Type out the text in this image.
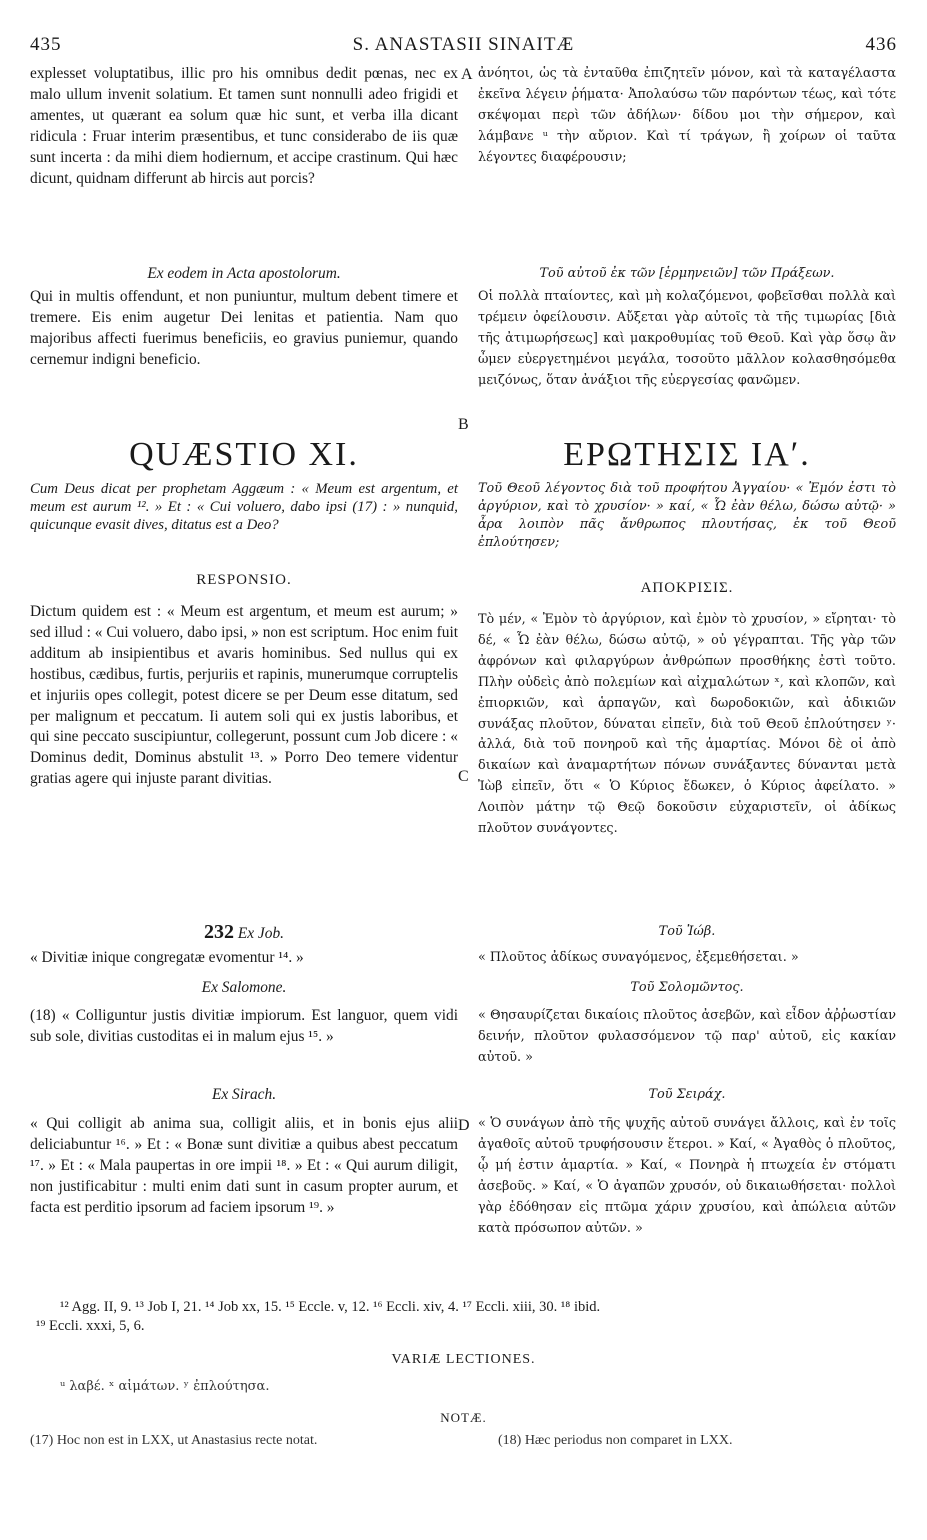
435	S. ANASTASII SINAITÆ	436
A
B
C
D

explesset voluptatibus, illic pro his omnibus dedit pœnas, nec ex malo ullum invenit solatium. Et tamen sunt nonnulli adeo frigidi et amentes, ut quærant ea solum quæ hic sunt, et verba illa dicant ridicula : Fruar interim præsentibus, et tunc considerabo de iis quæ sunt incerta : da mihi diem hodiernum, et accipe crastinum. Qui hæc dicunt, quidnam differunt ab hircis aut porcis?

Ex eodem in Acta apostolorum.

Qui in multis offendunt, et non puniuntur, multum debent timere et tremere. Eis enim augetur Dei lenitas et patientia. Nam quo majoribus affecti fuerimus beneficiis, eo gravius puniemur, quando cernemur indigni beneficio.

QUÆSTIO XI.

Cum Deus dicat per prophetam Aggæum : « Meum est argentum, et meum est aurum ¹². » Et : « Cui voluero, dabo ipsi (17) : » nunquid, quicunque evasit dives, ditatus est a Deo?

RESPONSIO.

Dictum quidem est : « Meum est argentum, et meum est aurum; » sed illud : « Cui voluero, dabo ipsi, » non est scriptum. Hoc enim fuit additum ab insipientibus et avaris hominibus. Sed nullus qui ex hostibus, cædibus, furtis, perjuriis et rapinis, munerumque corruptelis et injuriis opes collegit, potest dicere se per Deum esse ditatum, sed per malignum et peccatum. Ii autem soli qui ex justis laboribus, et qui sine peccato suscipiuntur, collegerunt, possunt cum Job dicere : « Dominus dedit, Dominus abstulit ¹³. » Porro Deo temere videntur gratias agere qui injuste parant divitias.

232 Ex Job.

« Divitiæ inique congregatæ evomentur ¹⁴. »

Ex Salomone.

(18) « Colliguntur justis divitiæ impiorum. Est languor, quem vidi sub sole, divitias custoditas ei in malum ejus ¹⁵. »

Ex Sirach.

« Qui colligit ab anima sua, colligit aliis, et in bonis ejus alii deliciabuntur ¹⁶. » Et : « Bonæ sunt divitiæ a quibus abest peccatum ¹⁷. » Et : « Mala paupertas in ore impii ¹⁸. » Et : « Qui aurum diligit, non justificabitur : multi enim dati sunt in casum propter aurum, et facta est perditio ipsorum ad faciem ipsorum ¹⁹. »

ἀνόητοι, ὡς τὰ ἐνταῦθα ἐπιζητεῖν μόνον, καὶ τὰ καταγέλαστα ἐκεῖνα λέγειν ῥήματα· Ἀπολαύσω τῶν παρόντων τέως, καὶ τότε σκέψομαι περὶ τῶν ἀδήλων· δίδου μοι τὴν σήμερον, καὶ λάμβανε ᵘ τὴν αὔριον. Καὶ τί τράγων, ἢ χοίρων οἱ ταῦτα λέγοντες διαφέρουσιν;

Τοῦ αὐτοῦ ἐκ τῶν [ἑρμηνειῶν] τῶν Πράξεων.

Οἱ πολλὰ πταίοντες, καὶ μὴ κολαζόμενοι, φοβεῖσθαι πολλὰ καὶ τρέμειν ὀφείλουσιν. Αὔξεται γὰρ αὐτοῖς τὰ τῆς τιμωρίας [διὰ τῆς ἀτιμωρήσεως] καὶ μακροθυμίας τοῦ Θεοῦ. Καὶ γὰρ ὅσῳ ἂν ὦμεν εὐεργετημένοι μεγάλα, τοσοῦτο μᾶλλον κολασθησόμεθα μειζόνως, ὅταν ἀνάξιοι τῆς εὐεργεσίας φανῶμεν.

ΕΡΩΤΗΣΙΣ ΙΑʹ.

Τοῦ Θεοῦ λέγοντος διὰ τοῦ προφήτου Ἀγγαίου· « Ἐμόν ἐστι τὸ ἀργύριον, καὶ τὸ χρυσίον· » καί, « Ὧ ἐὰν θέλω, δώσω αὐτῷ· » ἆρα λοιπὸν πᾶς ἄνθρωπος πλουτήσας, ἐκ τοῦ Θεοῦ ἐπλούτησεν;

ΑΠΟΚΡΙΣΙΣ.

Τὸ μέν, « Ἐμὸν τὸ ἀργύριον, καὶ ἐμὸν τὸ χρυσίον, » εἴρηται· τὸ δέ, « Ὧ ἐὰν θέλω, δώσω αὐτῷ, » οὐ γέγραπται. Τῆς γὰρ τῶν ἀφρόνων καὶ φιλαργύρων ἀνθρώπων προσθήκης ἐστὶ τοῦτο. Πλὴν οὐδεὶς ἀπὸ πολεμίων καὶ αἰχμαλώτων ˣ, καὶ κλοπῶν, καὶ ἐπιορκιῶν, καὶ ἁρπαγῶν, καὶ δωροδοκιῶν, καὶ ἀδικιῶν συνάξας πλοῦτον, δύναται εἰπεῖν, διὰ τοῦ Θεοῦ ἐπλούτησεν ʸ· ἀλλά, διὰ τοῦ πονηροῦ καὶ τῆς ἁμαρτίας. Μόνοι δὲ οἱ ἀπὸ δικαίων καὶ ἀναμαρτήτων πόνων συνάξαντες δύνανται μετὰ Ἰὼβ εἰπεῖν, ὅτι « Ὁ Κύριος ἔδωκεν, ὁ Κύριος ἀφείλατο. » Λοιπὸν μάτην τῷ Θεῷ δοκοῦσιν εὐχαριστεῖν, οἱ ἀδίκως πλοῦτον συνάγοντες.

Τοῦ Ἰώβ.

« Πλοῦτος ἀδίκως συναγόμενος, ἐξεμεθήσεται. »

Τοῦ Σολομῶντος.

« Θησαυρίζεται δικαίοις πλοῦτος ἀσεβῶν, καὶ εἶδον ἀῤῥωστίαν δεινήν, πλοῦτον φυλασσόμενον τῷ παρ' αὐτοῦ, εἰς κακίαν αὐτοῦ. »

Τοῦ Σειράχ.

« Ὁ συνάγων ἀπὸ τῆς ψυχῆς αὐτοῦ συνάγει ἄλλοις, καὶ ἐν τοῖς ἀγαθοῖς αὐτοῦ τρυφήσουσιν ἕτεροι. » Καί, « Ἀγαθὸς ὁ πλοῦτος, ᾧ μή ἐστιν ἁμαρτία. » Καί, « Πονηρὰ ἡ πτωχεία ἐν στόματι ἀσεβοῦς. » Καί, « Ὁ ἀγαπῶν χρυσόν, οὐ δικαιωθήσεται· πολλοὶ γὰρ ἐδόθησαν εἰς πτῶμα χάριν χρυσίου, καὶ ἀπώλεια αὐτῶν κατὰ πρόσωπον αὐτῶν. »

¹² Agg. II, 9. ¹³ Job I, 21. ¹⁴ Job xx, 15. ¹⁵ Eccle. v, 12. ¹⁶ Eccli. xiv, 4. ¹⁷ Eccli. xiii, 30. ¹⁸ ibid.
¹⁹ Eccli. xxxi, 5, 6.
VARIÆ LECTIONES.
ᵘ λαβέ. ˣ αἱμάτων. ʸ ἐπλούτησα.
NOTÆ.
(17) Hoc non est in LXX, ut Anastasius recte notat.	(18) Hæc periodus non comparet in LXX.
